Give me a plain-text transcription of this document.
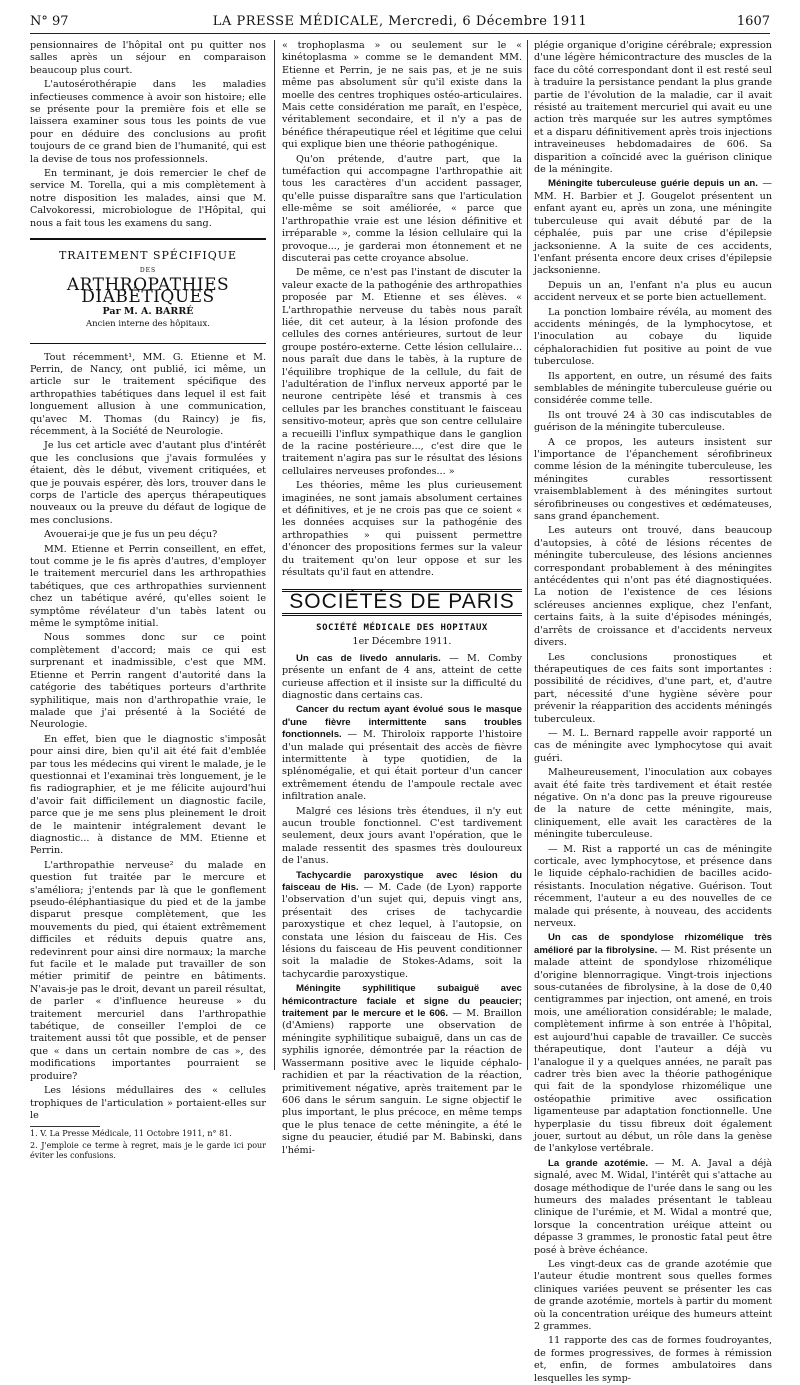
N° 97	LA PRESSE MÉDICALE, Mercredi, 6 Décembre 1911	1607

pensionnaires de l'hôpital ont pu quitter nos salles après un séjour en comparaison beaucoup plus court.

L'autosérothérapie dans les maladies infectieuses commence à avoir son histoire; elle se présente pour la première fois et elle se laissera examiner sous tous les points de vue pour en déduire des conclusions au profit toujours de ce grand bien de l'humanité, qui est la devise de tous nos professionnels.

En terminant, je dois remercier le chef de service M. Torella, qui a mis complètement à notre disposition les malades, ainsi que M. Calvokoressi, microbiologue de l'Hôpital, qui nous a fait tous les examens du sang.

TRAITEMENT SPÉCIFIQUE
DES
ARTHROPATHIES DIABÉTIQUES
Par M. A. BARRÉ
Ancien interne des hôpitaux.

Tout récemment¹, MM. G. Etienne et M. Perrin, de Nancy, ont publié, ici même, un article sur le traitement spécifique des arthropathies tabétiques dans lequel il est fait longuement allusion à une communication, qu'avec M. Thomas (du Raincy) je fis, récemment, à la Société de Neurologie.

Je lus cet article avec d'autant plus d'intérêt que les conclusions que j'avais formulées y étaient, dès le début, vivement critiquées, et que je pouvais espérer, dès lors, trouver dans le corps de l'article des aperçus thérapeutiques nouveaux ou la preuve du défaut de logique de mes conclusions.

Avouerai-je que je fus un peu déçu?

MM. Etienne et Perrin conseillent, en effet, tout comme je le fis après d'autres, d'employer le traitement mercuriel dans les arthropathies tabétiques, que ces arthropathies surviennent chez un tabétique avéré, qu'elles soient le symptôme révélateur d'un tabès latent ou même le symptôme initial.

Nous sommes donc sur ce point complètement d'accord; mais ce qui est surprenant et inadmissible, c'est que MM. Etienne et Perrin rangent d'autorité dans la catégorie des tabétiques porteurs d'arthrite syphilitique, mais non d'arthropathie vraie, le malade que j'ai présenté à la Société de Neurologie.

En effet, bien que le diagnostic s'imposât pour ainsi dire, bien qu'il ait été fait d'emblée par tous les médecins qui virent le malade, je le questionnai et l'examinai très longuement, je le fis radiographier, et je me félicite aujourd'hui d'avoir fait difficilement un diagnostic facile, parce que je me sens plus pleinement le droit de le maintenir intégralement devant le diagnostic... à distance de MM. Etienne et Perrin.

L'arthropathie nerveuse² du malade en question fut traitée par le mercure et s'améliora; j'entends par là que le gonflement pseudo-éléphantiasique du pied et de la jambe disparut presque complètement, que les mouvements du pied, qui étaient extrêmement difficiles et réduits depuis quatre ans, redevinrent pour ainsi dire normaux; la marche fut facile et le malade put travailler de son métier primitif de peintre en bâtiments. N'avais-je pas le droit, devant un pareil résultat, de parler « d'influence heureuse » du traitement mercuriel dans l'arthropathie tabétique, de conseiller l'emploi de ce traitement aussi tôt que possible, et de penser que « dans un certain nombre de cas », des modifications importantes pourraient se produire?

Les lésions médullaires des « cellules trophiques de l'articulation » portaient-elles sur le

1. V. La Presse Médicale, 11 Octobre 1911, n° 81.

2. J'emploie ce terme à regret, mais je le garde ici pour éviter les confusions.

« trophoplasma » ou seulement sur le « kinétoplasma » comme se le demandent MM. Etienne et Perrin, je ne sais pas, et je ne suis même pas absolument sûr qu'il existe dans la moelle des centres trophiques ostéo-articulaires. Mais cette considération me paraît, en l'espèce, véritablement secondaire, et il n'y a pas de bénéfice thérapeutique réel et légitime que celui qui explique bien une théorie pathogénique.

Qu'on prétende, d'autre part, que la tuméfaction qui accompagne l'arthropathie ait tous les caractères d'un accident passager, qu'elle puisse disparaître sans que l'articulation elle-même se soit améliorée, « parce que l'arthropathie vraie est une lésion définitive et irréparable », comme la lésion cellulaire qui la provoque..., je garderai mon étonnement et ne discuterai pas cette croyance absolue.

De même, ce n'est pas l'instant de discuter la valeur exacte de la pathogénie des arthropathies proposée par M. Etienne et ses élèves. « L'arthropathie nerveuse du tabès nous paraît liée, dit cet auteur, à la lésion profonde des cellules des cornes antérieures, surtout de leur groupe postéro-externe. Cette lésion cellulaire... nous paraît due dans le tabès, à la rupture de l'équilibre trophique de la cellule, du fait de l'adultération de l'influx nerveux apporté par le neurone centripète lésé et transmis à ces cellules par les branches constituant le faisceau sensitivo-moteur, après que son centre cellulaire a recueilli l'influx sympathique dans le ganglion de la racine postérieure..., c'est dire que le traitement n'agira pas sur le résultat des lésions cellulaires nerveuses profondes... »

Les théories, même les plus curieusement imaginées, ne sont jamais absolument certaines et définitives, et je ne crois pas que ce soient « les données acquises sur la pathogénie des arthropathies » qui puissent permettre d'énoncer des propositions fermes sur la valeur du traitement qu'on leur oppose et sur les résultats qu'il faut en attendre.

SOCIÉTÉS DE PARIS
SOCIÉTÉ MÉDICALE DES HOPITAUX
1er Décembre 1911.

Un cas de livedo annularis. — M. Comby présente un enfant de 4 ans, atteint de cette curieuse affection et il insiste sur la difficulté du diagnostic dans certains cas.

Cancer du rectum ayant évolué sous le masque d'une fièvre intermittente sans troubles fonctionnels. — M. Thiroloix rapporte l'histoire d'un malade qui présentait des accès de fièvre intermittente à type quotidien, de la splénomégalie, et qui était porteur d'un cancer extrêmement étendu de l'ampoule rectale avec infiltration anale.

Malgré ces lésions très étendues, il n'y eut aucun trouble fonctionnel. C'est tardivement seulement, deux jours avant l'opération, que le malade ressentit des spasmes très douloureux de l'anus.

Tachycardie paroxystique avec lésion du faisceau de His. — M. Cade (de Lyon) rapporte l'observation d'un sujet qui, depuis vingt ans, présentait des crises de tachycardie paroxystique et chez lequel, à l'autopsie, on constata une lésion du faisceau de His. Ces lésions du faisceau de His peuvent conditionner soit la maladie de Stokes-Adams, soit la tachycardie paroxystique.

Méningite syphilitique subaiguë avec hémicontracture faciale et signe du peaucier; traitement par le mercure et le 606. — M. Braillon (d'Amiens) rapporte une observation de méningite syphilitique subaiguë, dans un cas de syphilis ignorée, démontrée par la réaction de Wassermann positive avec le liquide céphalo-rachidien et par la réactivation de la réaction, primitivement négative, après traitement par le 606 dans le sérum sanguin. Le signe objectif le plus important, le plus précoce, en même temps que le plus tenace de cette méningite, a été le signe du peaucier, étudié par M. Babinski, dans l'hémi-

plégie organique d'origine cérébrale; expression d'une légère hémicontracture des muscles de la face du côté correspondant dont il est resté seul à traduire la persistance pendant la plus grande partie de l'évolution de la maladie, car il avait résisté au traitement mercuriel qui avait eu une action très marquée sur les autres symptômes et a disparu définitivement après trois injections intraveineuses hebdomadaires de 606. Sa disparition a coïncidé avec la guérison clinique de la méningite.

Méningite tuberculeuse guérie depuis un an. — MM. H. Barbier et J. Gougelot présentent un enfant ayant eu, après un zona, une méningite tuberculeuse qui avait débuté par de la céphalée, puis par une crise d'épilepsie jacksonienne. A la suite de ces accidents, l'enfant présenta encore deux crises d'épilepsie jacksonienne.

Depuis un an, l'enfant n'a plus eu aucun accident nerveux et se porte bien actuellement.

La ponction lombaire révéla, au moment des accidents méningés, de la lymphocytose, et l'inoculation au cobaye du liquide céphalorachidien fut positive au point de vue tuberculose.

Ils apportent, en outre, un résumé des faits semblables de méningite tuberculeuse guérie ou considérée comme telle.

Ils ont trouvé 24 à 30 cas indiscutables de guérison de la méningite tuberculeuse.

A ce propos, les auteurs insistent sur l'importance de l'épanchement sérofibrineux comme lésion de la méningite tuberculeuse, les méningites curables ressortissent vraisemblablement à des méningites surtout sérofibrineuses ou congestives et œdémateuses, sans grand épanchement.

Les auteurs ont trouvé, dans beaucoup d'autopsies, à côté de lésions récentes de méningite tuberculeuse, des lésions anciennes correspondant probablement à des méningites antécédentes qui n'ont pas été diagnostiquées. La notion de l'existence de ces lésions scléreuses anciennes explique, chez l'enfant, certains faits, à la suite d'épisodes méningés, d'arrêts de croissance et d'accidents nerveux divers.

Les conclusions pronostiques et thérapeutiques de ces faits sont importantes : possibilité de récidives, d'une part, et, d'autre part, nécessité d'une hygiène sévère pour prévenir la réapparition des accidents méningés tuberculeux.

— M. L. Bernard rappelle avoir rapporté un cas de méningite avec lymphocytose qui avait guéri.

Malheureusement, l'inoculation aux cobayes avait été faite très tardivement et était restée négative. On n'a donc pas la preuve rigoureuse de la nature de cette méningite, mais, cliniquement, elle avait les caractères de la méningite tuberculeuse.

— M. Rist a rapporté un cas de méningite corticale, avec lymphocytose, et présence dans le liquide céphalo-rachidien de bacilles acido-résistants. Inoculation négative. Guérison. Tout récemment, l'auteur a eu des nouvelles de ce malade qui présente, à nouveau, des accidents nerveux.

Un cas de spondylose rhizomélique très amélioré par la fibrolysine. — M. Rist présente un malade atteint de spondylose rhizomélique d'origine blennorragique. Vingt-trois injections sous-cutanées de fibrolysine, à la dose de 0,40 centigrammes par injection, ont amené, en trois mois, une amélioration considérable; le malade, complètement infirme à son entrée à l'hôpital, est aujourd'hui capable de travailler. Ce succès thérapeutique, dont l'auteur a déjà vu l'analogue il y a quelques années, ne paraît pas cadrer très bien avec la théorie pathogénique qui fait de la spondylose rhizomélique une ostéopathie primitive avec ossification ligamenteuse par adaptation fonctionnelle. Une hyperplasie du tissu fibreux doit également jouer, surtout au début, un rôle dans la genèse de l'ankylose vertébrale.

La grande azotémie. — M. A. Javal a déjà signalé, avec M. Widal, l'intérêt qui s'attache au dosage méthodique de l'urée dans le sang ou les humeurs des malades présentant le tableau clinique de l'urémie, et M. Widal a montré que, lorsque la concentration uréique atteint ou dépasse 3 grammes, le pronostic fatal peut être posé à brève échéance.

Les vingt-deux cas de grande azotémie que l'auteur étudie montrent sous quelles formes cliniques variées peuvent se présenter les cas de grande azotémie, mortels à partir du moment où la concentration uréique des humeurs atteint 2 grammes.

11 rapporte des cas de formes foudroyantes, de formes progressives, de formes à rémission et, enfin, de formes ambulatoires dans lesquelles les symp-
